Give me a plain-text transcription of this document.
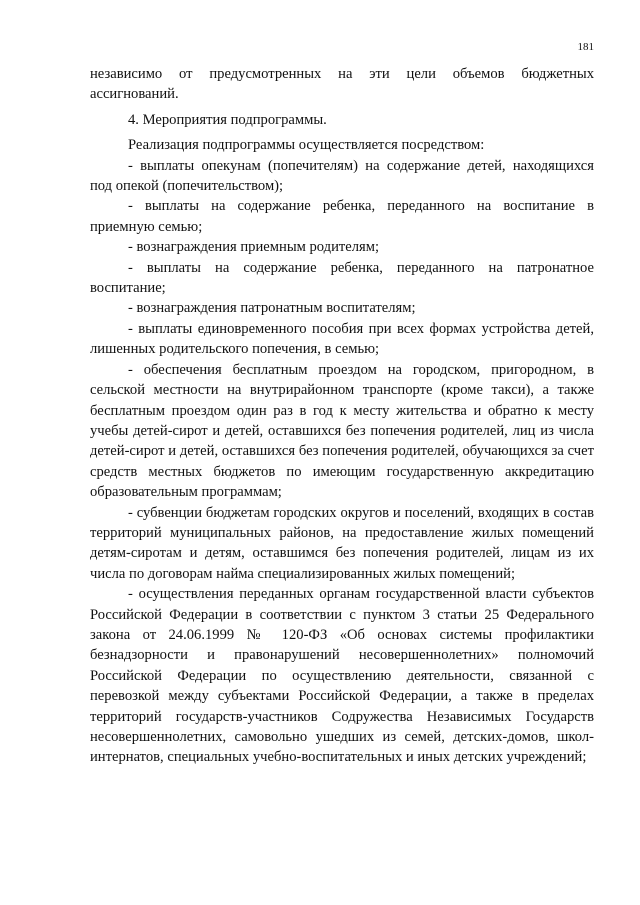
181

независимо от предусмотренных на эти цели объемов бюджетных ассигнований.

4. Мероприятия подпрограммы.

Реализация подпрограммы осуществляется посредством:

- выплаты опекунам (попечителям) на содержание детей, находящихся под опекой (попечительством);

- выплаты на содержание ребенка, переданного на воспитание в приемную семью;

- вознаграждения приемным родителям;

- выплаты на содержание ребенка, переданного на патронатное воспитание;

- вознаграждения патронатным воспитателям;

- выплаты единовременного пособия при всех формах устройства детей, лишенных родительского попечения, в семью;

- обеспечения бесплатным проездом на городском, пригородном, в сельской местности на внутрирайонном транспорте (кроме такси), а также бесплатным проездом один раз в год к месту жительства и обратно к месту учебы детей-сирот и детей, оставшихся без попечения родителей, лиц из числа детей-сирот и детей, оставшихся без попечения родителей, обучающихся за счет средств местных бюджетов по имеющим государственную аккредитацию образовательным программам;

- субвенции бюджетам городских округов и поселений, входящих в состав территорий муниципальных районов, на предоставление жилых помещений детям-сиротам и детям, оставшимся без попечения родителей, лицам из их числа по договорам найма специализированных жилых помещений;

- осуществления переданных органам государственной власти субъектов Российской Федерации в соответствии с пунктом 3 статьи 25 Федерального закона от 24.06.1999 № 120-ФЗ «Об основах системы профилактики безнадзорности и правонарушений несовершеннолетних» полномочий Российской Федерации по осуществлению деятельности, связанной с перевозкой между субъектами Российской Федерации, а также в пределах территорий государств-участников Содружества Независимых Государств несовершеннолетних, самовольно ушедших из семей, детских-домов, школ-интернатов, специальных учебно-воспитательных и иных детских учреждений;
